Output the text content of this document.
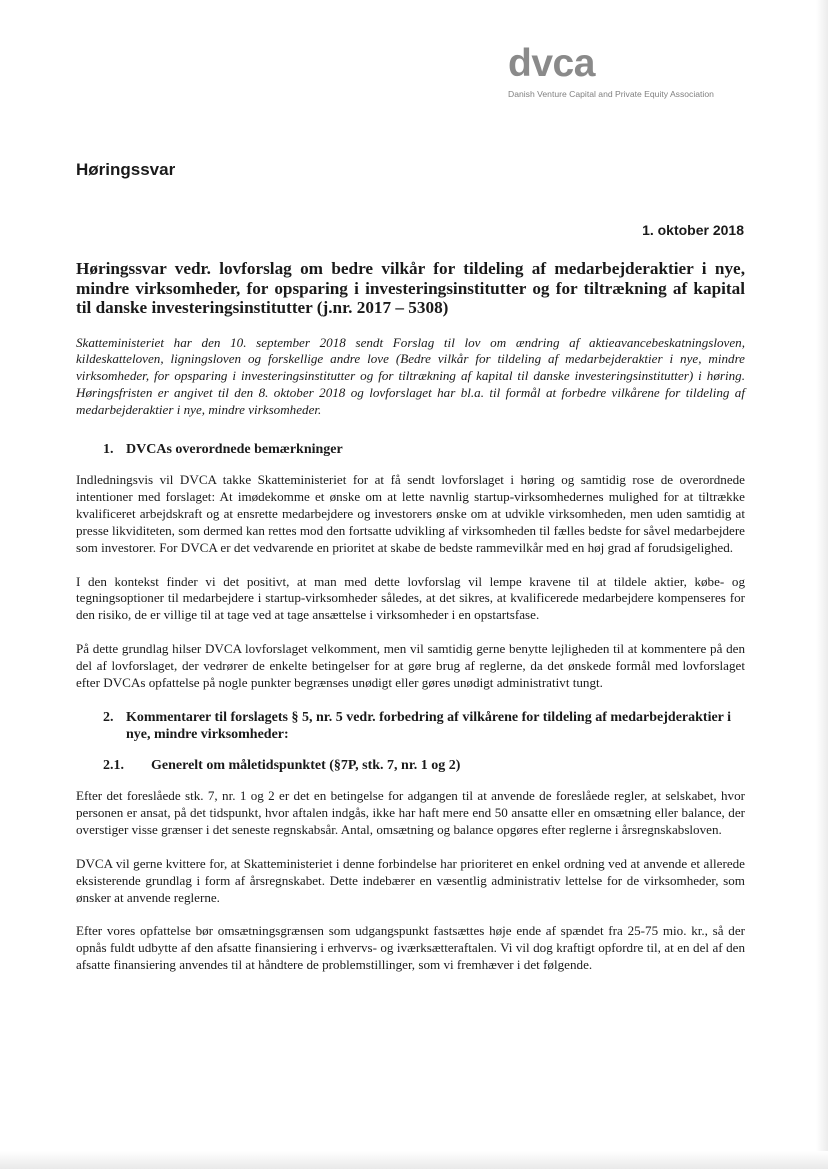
dvca
Danish Venture Capital and Private Equity Association
Høringssvar
1. oktober 2018
Høringssvar vedr. lovforslag om bedre vilkår for tildeling af medarbejderaktier i nye, mindre virksomheder, for opsparing i investeringsinstitutter og for tiltrækning af kapital til danske investeringsinstitutter (j.nr. 2017 – 5308)

Skatteministeriet har den 10. september 2018 sendt Forslag til lov om ændring af aktieavancebeskatningsloven, kildeskatteloven, ligningsloven og forskellige andre love (Bedre vilkår for tildeling af medarbejderaktier i nye, mindre virksomheder, for opsparing i investeringsinstitutter og for tiltrækning af kapital til danske investeringsinstitutter) i høring. Høringsfristen er angivet til den 8. oktober 2018 og lovforslaget har bl.a. til formål at forbedre vilkårene for tildeling af medarbejderaktier i nye, mindre virksomheder.

1. DVCAs overordnede bemærkninger

Indledningsvis vil DVCA takke Skatteministeriet for at få sendt lovforslaget i høring og samtidig rose de overordnede intentioner med forslaget: At imødekomme et ønske om at lette navnlig startup-virksomhedernes mulighed for at tiltrække kvalificeret arbejdskraft og at ensrette medarbejdere og investorers ønske om at udvikle virksomheden, men uden samtidig at presse likviditeten, som dermed kan rettes mod den fortsatte udvikling af virksomheden til fælles bedste for såvel medarbejdere som investorer. For DVCA er det vedvarende en prioritet at skabe de bedste rammevilkår med en høj grad af forudsigelighed.

I den kontekst finder vi det positivt, at man med dette lovforslag vil lempe kravene til at tildele aktier, købe- og tegningsoptioner til medarbejdere i startup-virksomheder således, at det sikres, at kvalificerede medarbejdere kompenseres for den risiko, de er villige til at tage ved at tage ansættelse i virksomheder i en opstartsfase.

På dette grundlag hilser DVCA lovforslaget velkomment, men vil samtidig gerne benytte lejligheden til at kommentere på den del af lovforslaget, der vedrører de enkelte betingelser for at gøre brug af reglerne, da det ønskede formål med lovforslaget efter DVCAs opfattelse på nogle punkter begrænses unødigt eller gøres unødigt administrativt tungt.

2. Kommentarer til forslagets § 5, nr. 5 vedr. forbedring af vilkårene for tildeling af medarbejderaktier i nye, mindre virksomheder:
2.1.	Generelt om måletidspunktet (§7P, stk. 7, nr. 1 og 2)

Efter det foreslåede stk. 7, nr. 1 og 2 er det en betingelse for adgangen til at anvende de foreslåede regler, at selskabet, hvor personen er ansat, på det tidspunkt, hvor aftalen indgås, ikke har haft mere end 50 ansatte eller en omsætning eller balance, der overstiger visse grænser i det seneste regnskabsår. Antal, omsætning og balance opgøres efter reglerne i årsregnskabsloven.

DVCA vil gerne kvittere for, at Skatteministeriet i denne forbindelse har prioriteret en enkel ordning ved at anvende et allerede eksisterende grundlag i form af årsregnskabet. Dette indebærer en væsentlig administrativ lettelse for de virksomheder, som ønsker at anvende reglerne.

Efter vores opfattelse bør omsætningsgrænsen som udgangspunkt fastsættes høje ende af spændet fra 25-75 mio. kr., så der opnås fuldt udbytte af den afsatte finansiering i erhvervs- og iværksætteraftalen. Vi vil dog kraftigt opfordre til, at en del af den afsatte finansiering anvendes til at håndtere de problemstillinger, som vi fremhæver i det følgende.
